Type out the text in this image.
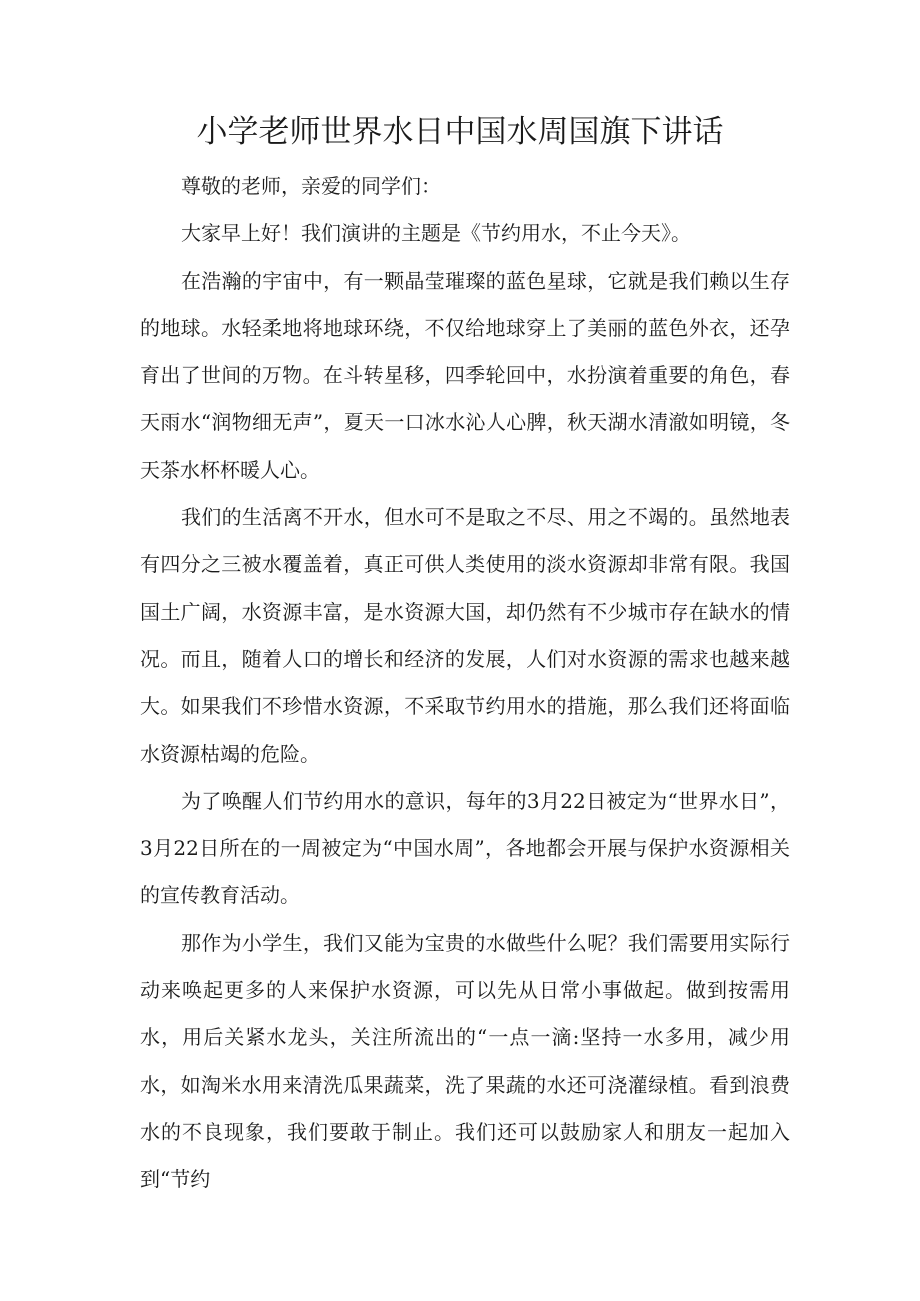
小学老师世界水日中国水周国旗下讲话

尊敬的老师，亲爱的同学们：

大家早上好！我们演讲的主题是《节约用水，不止今天》。

在浩瀚的宇宙中，有一颗晶莹璀璨的蓝色星球，它就是我们赖以生存的地球。水轻柔地将地球环绕，不仅给地球穿上了美丽的蓝色外衣，还孕育出了世间的万物。在斗转星移，四季轮回中，水扮演着重要的角色，春天雨水“润物细无声”，夏天一口冰水沁人心脾，秋天湖水清澈如明镜，冬天茶水杯杯暖人心。

我们的生活离不开水，但水可不是取之不尽、用之不竭的。虽然地表有四分之三被水覆盖着，真正可供人类使用的淡水资源却非常有限。我国国土广阔，水资源丰富，是水资源大国，却仍然有不少城市存在缺水的情况。而且，随着人口的增长和经济的发展，人们对水资源的需求也越来越大。如果我们不珍惜水资源，不采取节约用水的措施，那么我们还将面临水资源枯竭的危险。

为了唤醒人们节约用水的意识，每年的3月22日被定为“世界水日”，3月22日所在的一周被定为“中国水周”，各地都会开展与保护水资源相关的宣传教育活动。

那作为小学生，我们又能为宝贵的水做些什么呢？我们需要用实际行动来唤起更多的人来保护水资源，可以先从日常小事做起。做到按需用水，用后关紧水龙头，关注所流出的“一点一滴:坚持一水多用，减少用水，如淘米水用来清洗瓜果蔬菜，洗了果蔬的水还可浇灌绿植。看到浪费水的不良现象，我们要敢于制止。我们还可以鼓励家人和朋友一起加入到“节约
